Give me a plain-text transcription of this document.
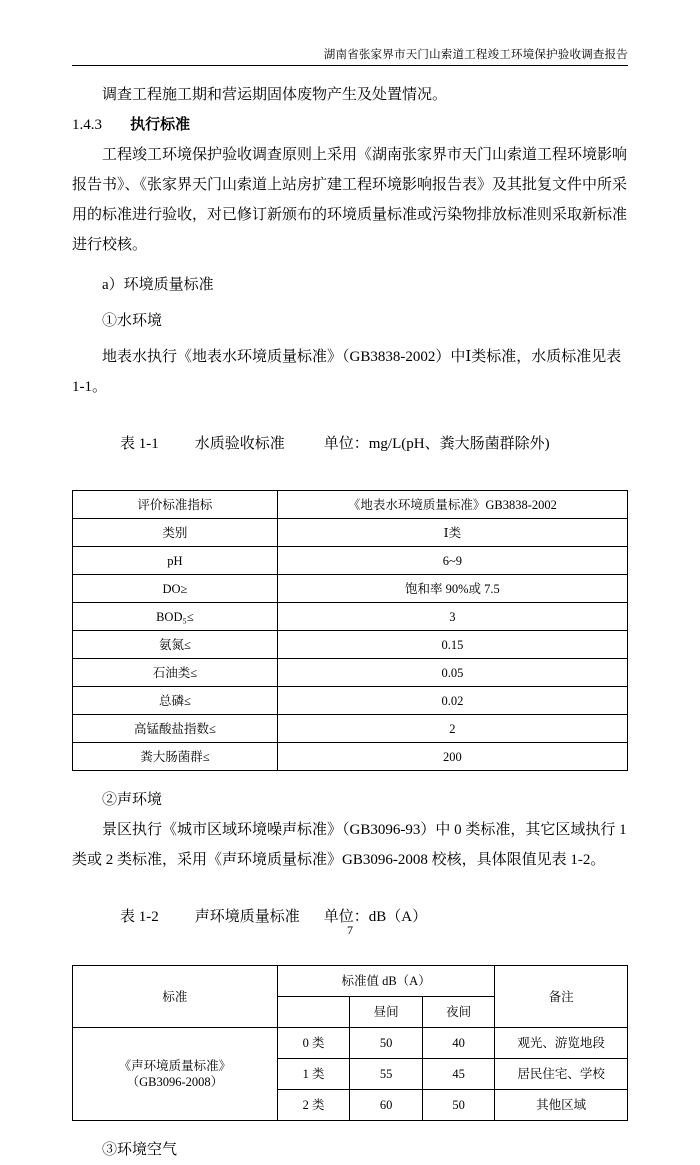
湖南省张家界市天门山索道工程竣工环境保护验收调查报告

调查工程施工期和营运期固体废物产生及处置情况。

1.4.3 执行标准

工程竣工环境保护验收调查原则上采用《湖南张家界市天门山索道工程环境影响报告书》、《张家界天门山索道上站房扩建工程环境影响报告表》及其批复文件中所采用的标准进行验收，对已修订新颁布的环境质量标准或污染物排放标准则采取新标准进行校核。

a）环境质量标准

①水环境

地表水执行《地表水环境质量标准》（GB3838-2002）中Ⅰ类标准，水质标准见表 1-1。

表 1-1 水质验收标准	单位：mg/L(pH、粪大肠菌群除外)

评价标准指标	《地表水环境质量标准》GB3838-2002
类别	Ⅰ类
pH	6~9
DO≥	饱和率 90%或 7.5
BOD₅≤	3
氨氮≤	0.15
石油类≤	0.05
总磷≤	0.02
高锰酸盐指数≤	2
粪大肠菌群≤	200

②声环境

景区执行《城市区域环境噪声标准》（GB3096-93）中 0 类标准，其它区域执行 1 类或 2 类标准，采用《声环境质量标准》GB3096-2008 校核，具体限值见表 1-2。

表 1-2 声环境质量标准 单位：dB（A）

标准	标准值 dB（A）			备注
		昼间	夜间	
《声环境质量标准》
（GB3096-2008）	0 类	50	40	观光、游览地段
	1 类	55	45	居民住宅、学校
	2 类	60	50	其他区域

③环境空气

7
